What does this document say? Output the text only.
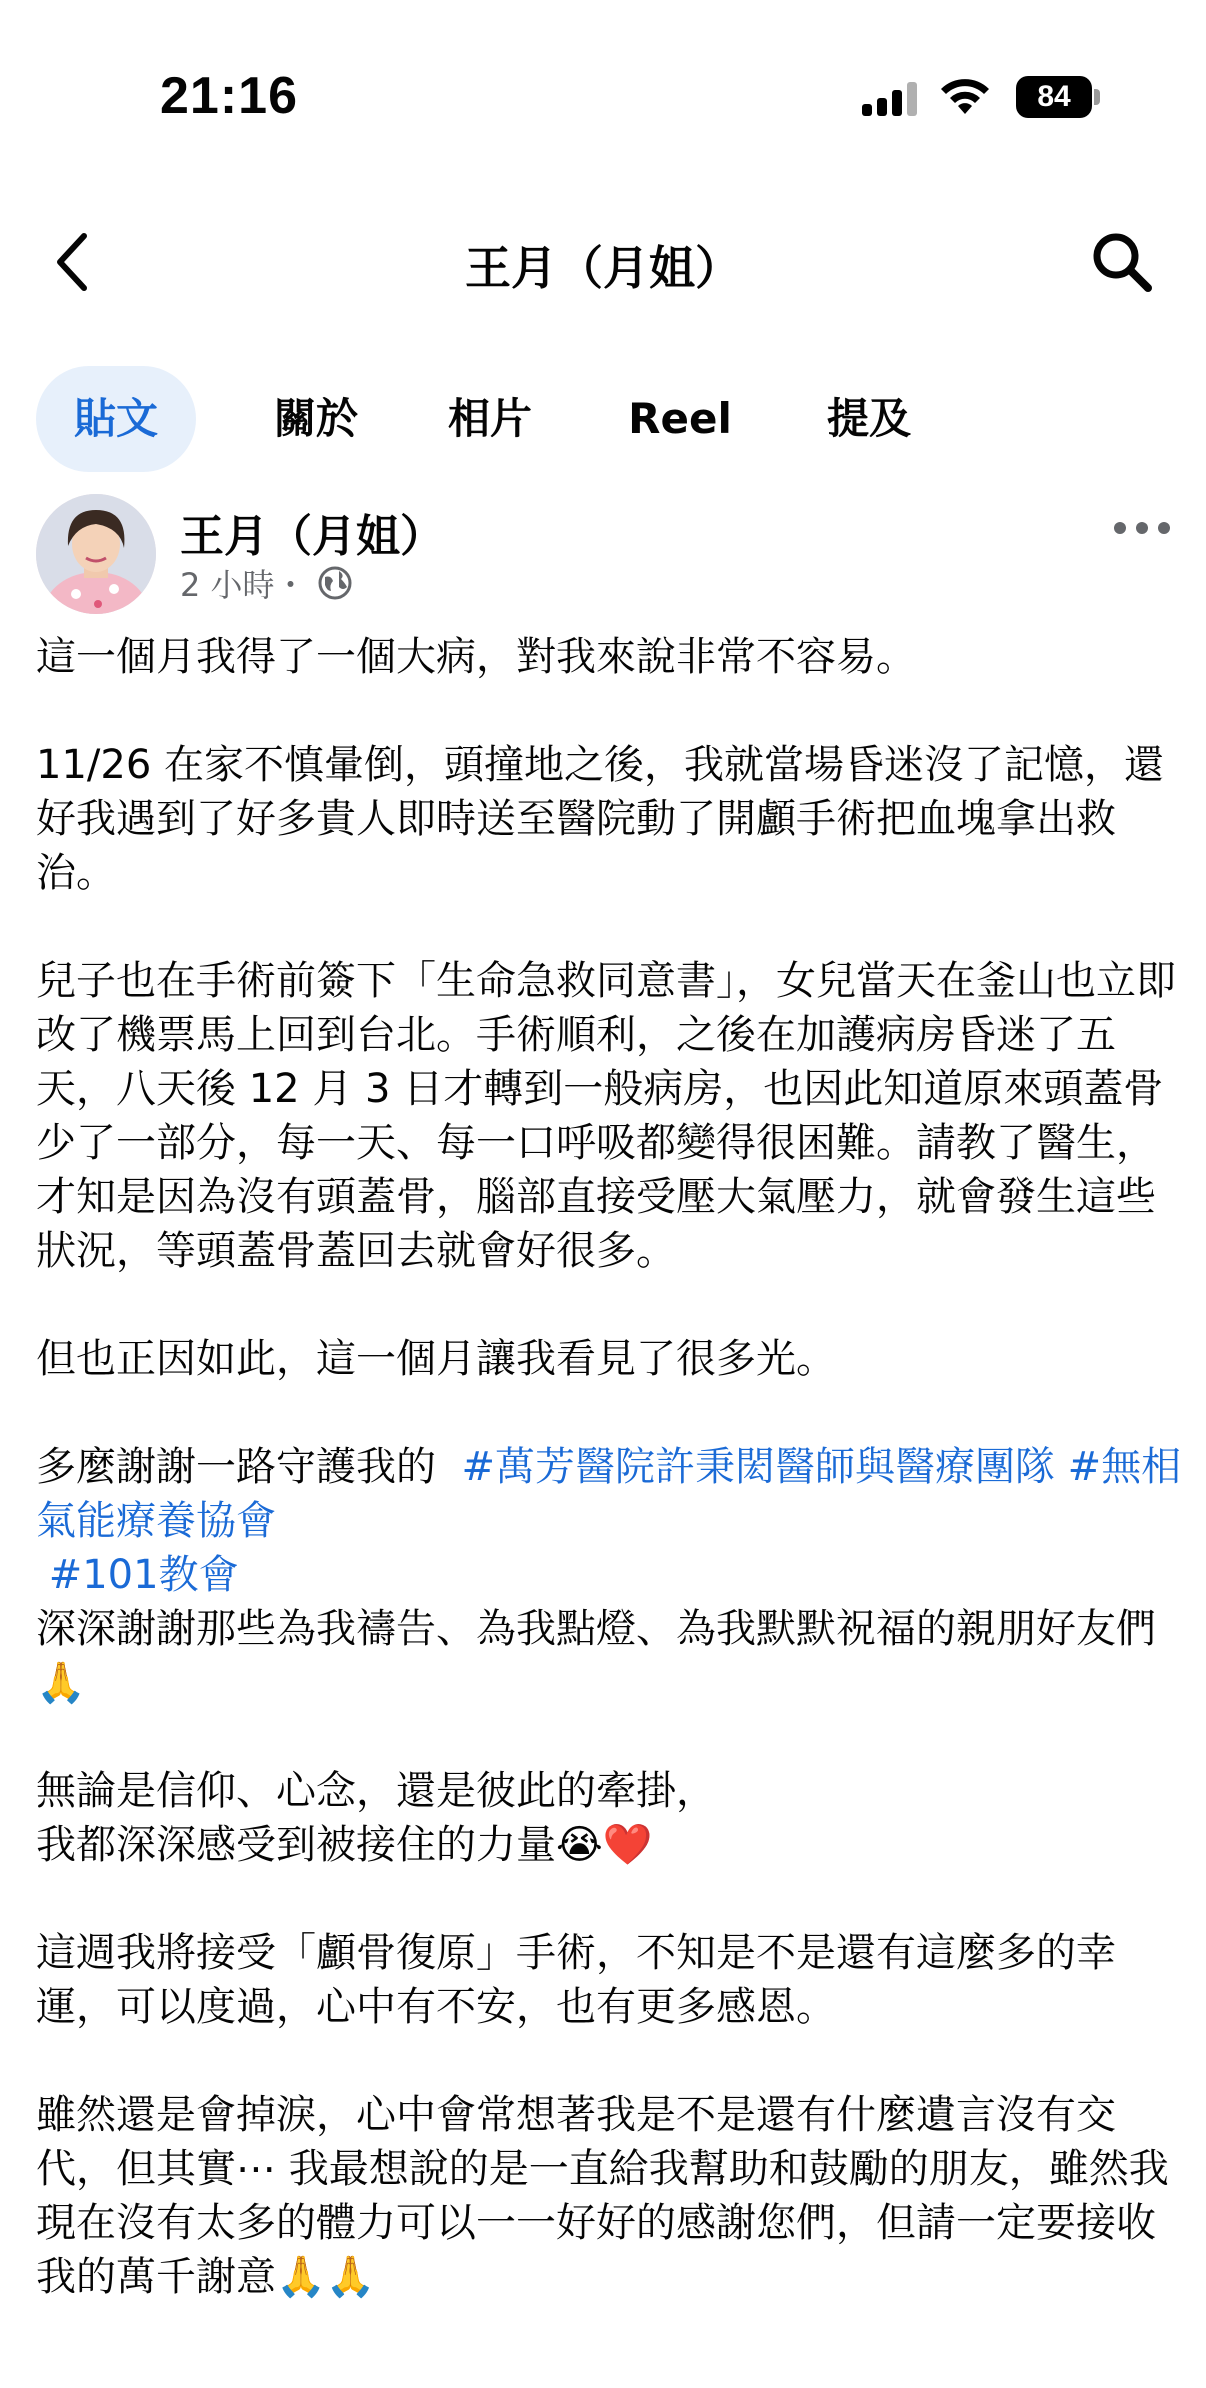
21:16	84
王月（月姐）
貼文	關於	相片 Reel	提及
王月（月姐）
2 小時・

這一個月我得了一個大病，對我來說非常不容易。

11/26 在家不慎暈倒，頭撞地之後，我就當場昏迷沒了記憶，還好我遇到了好多貴人即時送至醫院動了開顱手術把血塊拿出救治。

兒子也在手術前簽下「生命急救同意書」，女兒當天在釜山也立即改了機票馬上回到台北。手術順利，之後在加護病房昏迷了五天，八天後 12 月 3 日才轉到一般病房，也因此知道原來頭蓋骨少了一部分，每一天、每一口呼吸都變得很困難。請教了醫生，才知是因為沒有頭蓋骨，腦部直接受壓大氣壓力，就會發生這些狀況，等頭蓋骨蓋回去就會好很多。

但也正因如此，這一個月讓我看見了很多光。

多麼謝謝一路守護我的  #萬芳醫院許秉閎醫師與醫療團隊 #無相氣能療養協會

#101教會

深深謝謝那些為我禱告、為我點燈、為我默默祝福的親朋好友們🙏

無論是信仰、心念，還是彼此的牽掛，

我都深深感受到被接住的力量😭❤️

這週我將接受「顱骨復原」手術，不知是不是還有這麼多的幸運，可以度過，心中有不安，也有更多感恩。

雖然還是會掉淚，心中會常想著我是不是還有什麼遺言沒有交代，但其實⋯ 我最想說的是一直給我幫助和鼓勵的朋友，雖然我現在沒有太多的體力可以一一好好的感謝您們，但請一定要接收我的萬千謝意🙏🙏
